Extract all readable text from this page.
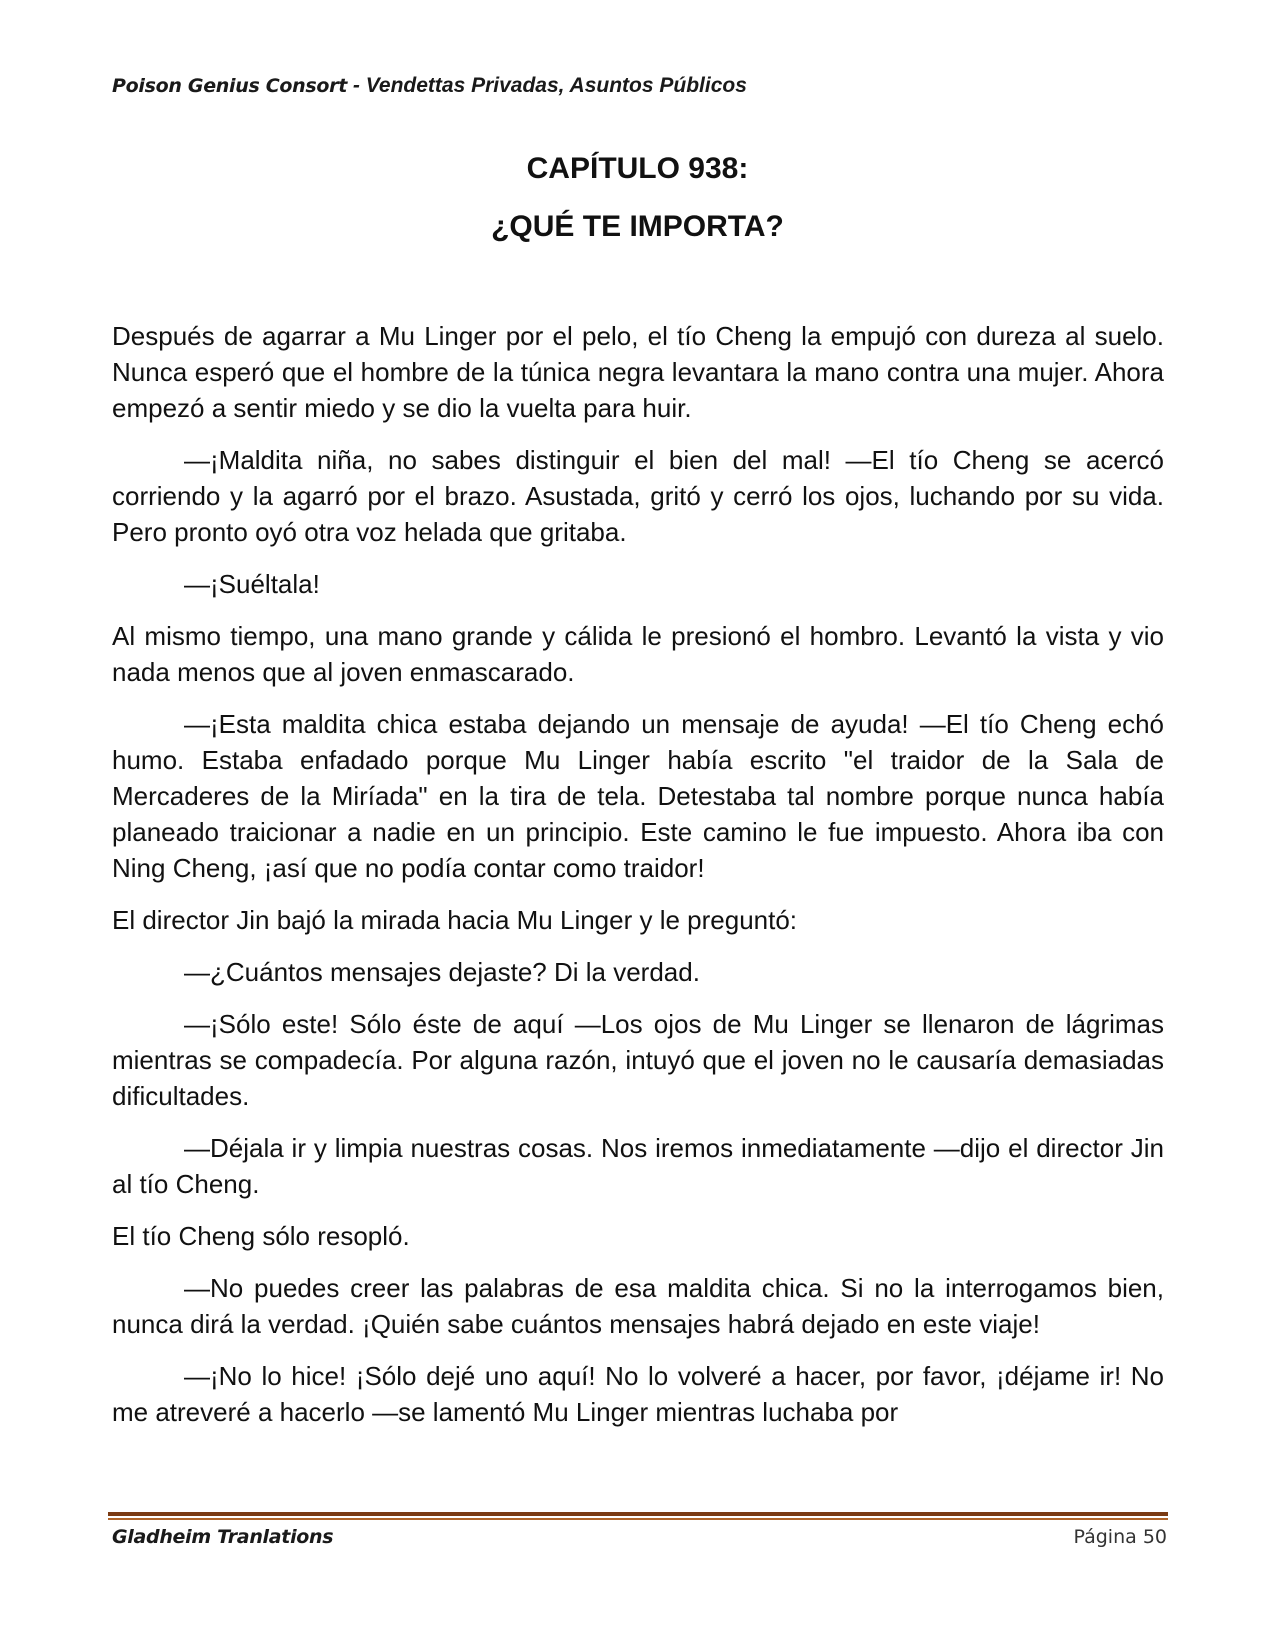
Poison Genius Consort - Vendettas Privadas, Asuntos Públicos
CAPÍTULO 938:
¿QUÉ TE IMPORTA?

Después de agarrar a Mu Linger por el pelo, el tío Cheng la empujó con dureza al suelo. Nunca esperó que el hombre de la túnica negra levantara la mano contra una mujer. Ahora empezó a sentir miedo y se dio la vuelta para huir.

—¡Maldita niña, no sabes distinguir el bien del mal! —El tío Cheng se acercó corriendo y la agarró por el brazo. Asustada, gritó y cerró los ojos, luchando por su vida. Pero pronto oyó otra voz helada que gritaba.

—¡Suéltala!

Al mismo tiempo, una mano grande y cálida le presionó el hombro. Levantó la vista y vio nada menos que al joven enmascarado.

—¡Esta maldita chica estaba dejando un mensaje de ayuda! —El tío Cheng echó humo. Estaba enfadado porque Mu Linger había escrito "el traidor de la Sala de Mercaderes de la Miríada" en la tira de tela. Detestaba tal nombre porque nunca había planeado traicionar a nadie en un principio. Este camino le fue impuesto. Ahora iba con Ning Cheng, ¡así que no podía contar como traidor!

El director Jin bajó la mirada hacia Mu Linger y le preguntó:

—¿Cuántos mensajes dejaste? Di la verdad.

—¡Sólo este! Sólo éste de aquí —Los ojos de Mu Linger se llenaron de lágrimas mientras se compadecía. Por alguna razón, intuyó que el joven no le causaría demasiadas dificultades.

—Déjala ir y limpia nuestras cosas. Nos iremos inmediatamente —dijo el director Jin al tío Cheng.

El tío Cheng sólo resopló.

—No puedes creer las palabras de esa maldita chica. Si no la interrogamos bien, nunca dirá la verdad. ¡Quién sabe cuántos mensajes habrá dejado en este viaje!

—¡No lo hice! ¡Sólo dejé uno aquí! No lo volveré a hacer, por favor, ¡déjame ir! No me atreveré a hacerlo —se lamentó Mu Linger mientras luchaba por

Gladheim Tranlations	Página 50
